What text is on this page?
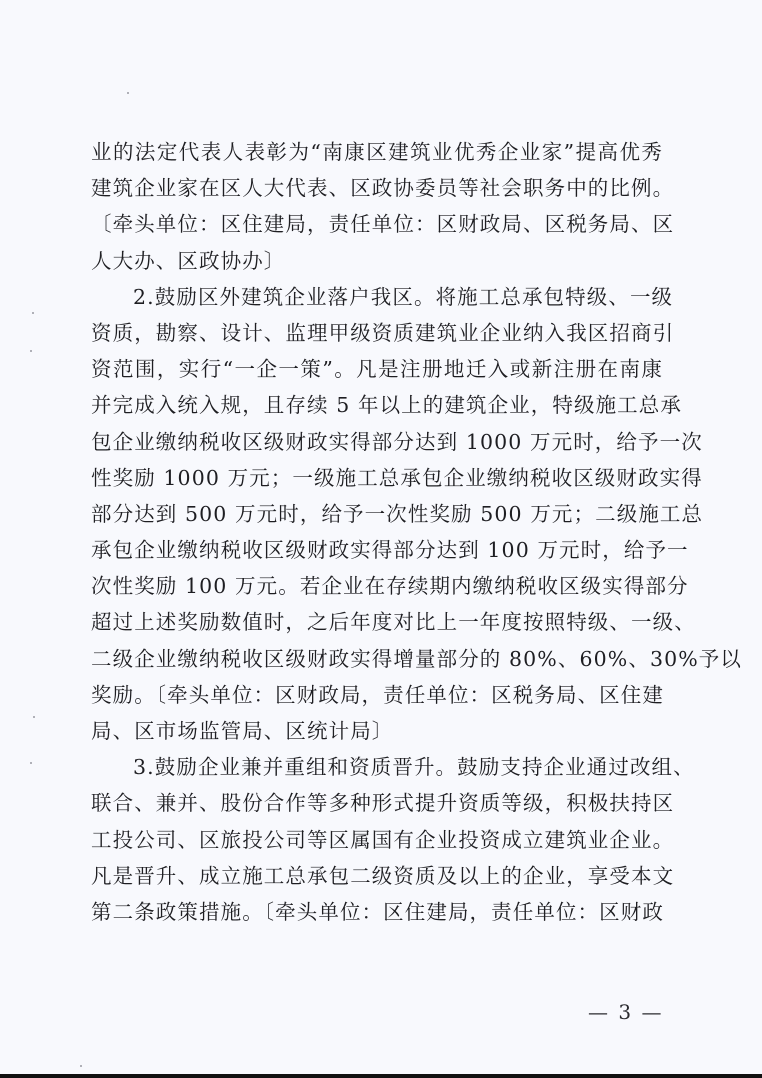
业的法定代表人表彰为“南康区建筑业优秀企业家”提高优秀
建筑企业家在区人大代表、区政协委员等社会职务中的比例。
〔牵头单位：区住建局，责任单位：区财政局、区税务局、区
人大办、区政协办〕
2.鼓励区外建筑企业落户我区。将施工总承包特级、一级
资质，勘察、设计、监理甲级资质建筑业企业纳入我区招商引
资范围，实行“一企一策”。凡是注册地迁入或新注册在南康
并完成入统入规，且存续 5 年以上的建筑企业，特级施工总承
包企业缴纳税收区级财政实得部分达到 1000 万元时，给予一次
性奖励 1000 万元；一级施工总承包企业缴纳税收区级财政实得
部分达到 500 万元时，给予一次性奖励 500 万元；二级施工总
承包企业缴纳税收区级财政实得部分达到 100 万元时，给予一
次性奖励 100 万元。若企业在存续期内缴纳税收区级实得部分
超过上述奖励数值时，之后年度对比上一年度按照特级、一级、
二级企业缴纳税收区级财政实得增量部分的 80%、60%、30%予以
奖励。〔牵头单位：区财政局，责任单位：区税务局、区住建
局、区市场监管局、区统计局〕
3.鼓励企业兼并重组和资质晋升。鼓励支持企业通过改组、
联合、兼并、股份合作等多种形式提升资质等级，积极扶持区
工投公司、区旅投公司等区属国有企业投资成立建筑业企业。
凡是晋升、成立施工总承包二级资质及以上的企业，享受本文
第二条政策措施。〔牵头单位：区住建局，责任单位：区财政
— 3 —
